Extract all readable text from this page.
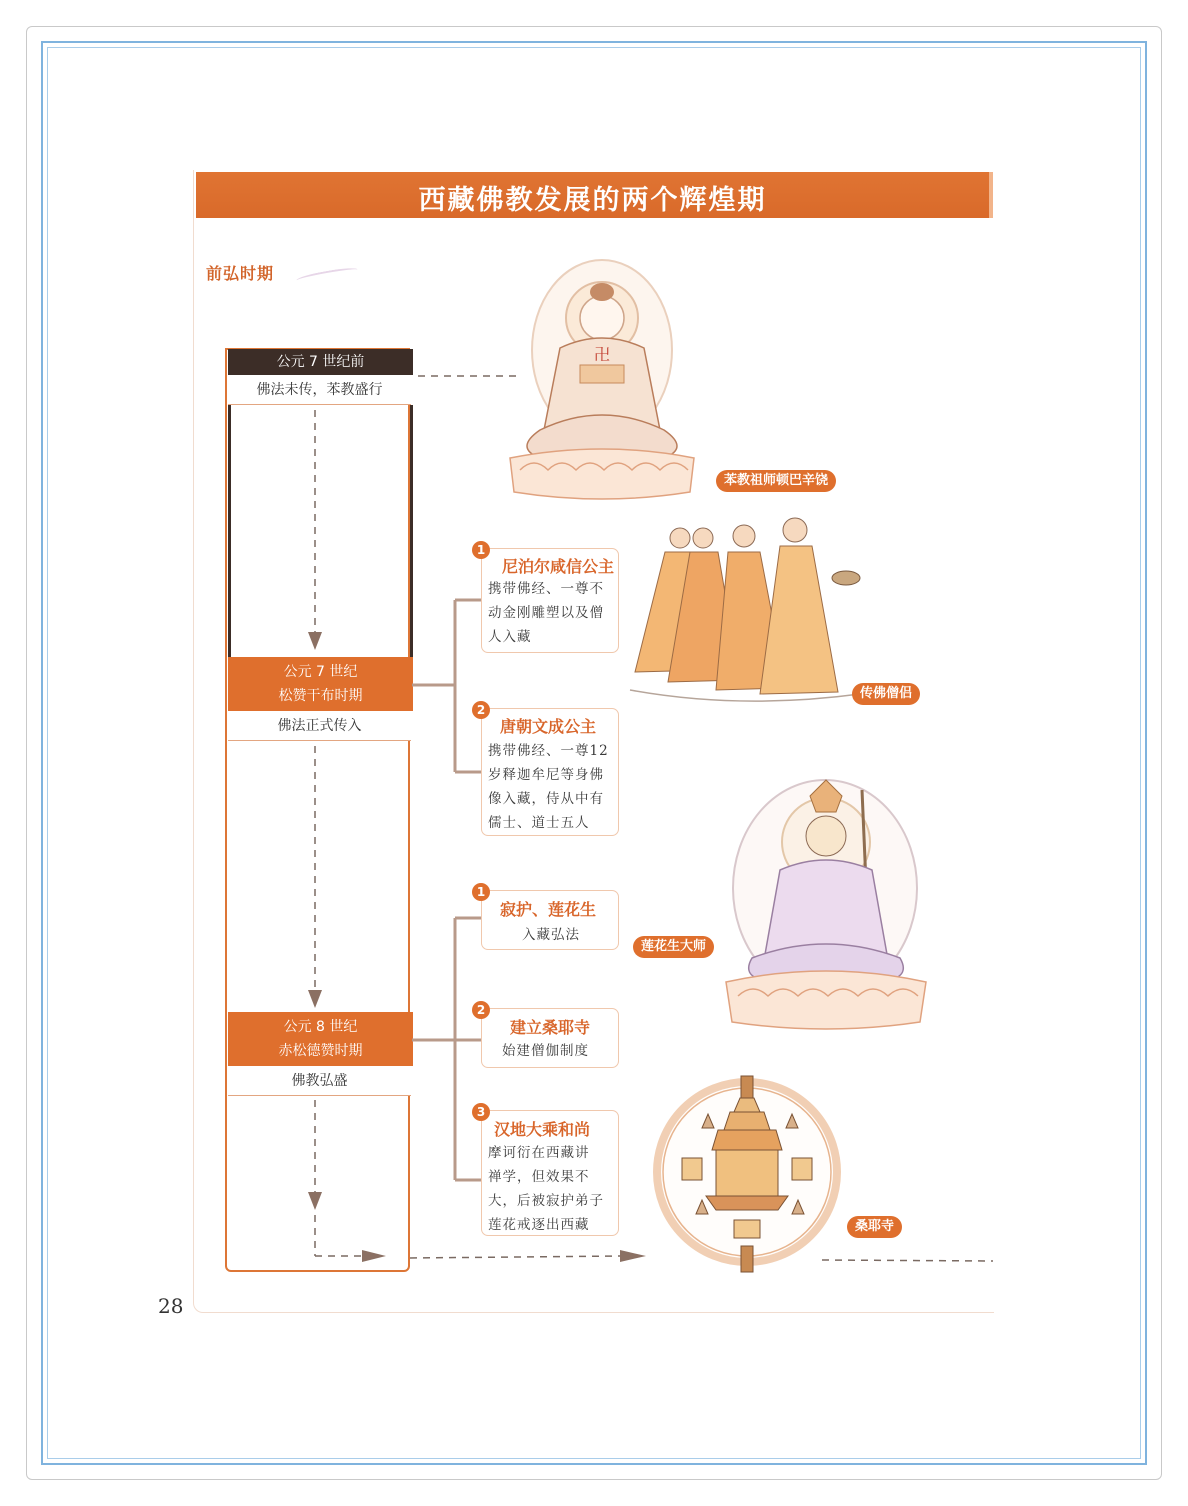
西藏佛教发展的两个辉煌期
前弘时期
公元 7 世纪前
佛法未传，苯教盛行
公元 7 世纪
松赞干布时期
佛法正式传入
公元 8 世纪
赤松德赞时期
佛教弘盛
卍
尼泊尔咸信公主
携带佛经、一尊不
动金刚雕塑以及僧
人入藏
1
唐朝文成公主
携带佛经、一尊12
岁释迦牟尼等身佛
像入藏，侍从中有
儒士、道士五人
2
寂护、莲花生
入藏弘法
1
建立桑耶寺
始建僧伽制度
2
汉地大乘和尚
摩诃衍在西藏讲
禅学，但效果不
大，后被寂护弟子
莲花戒逐出西藏
3
苯教祖师顿巴辛饶
传佛僧侣
莲花生大师
桑耶寺
28
